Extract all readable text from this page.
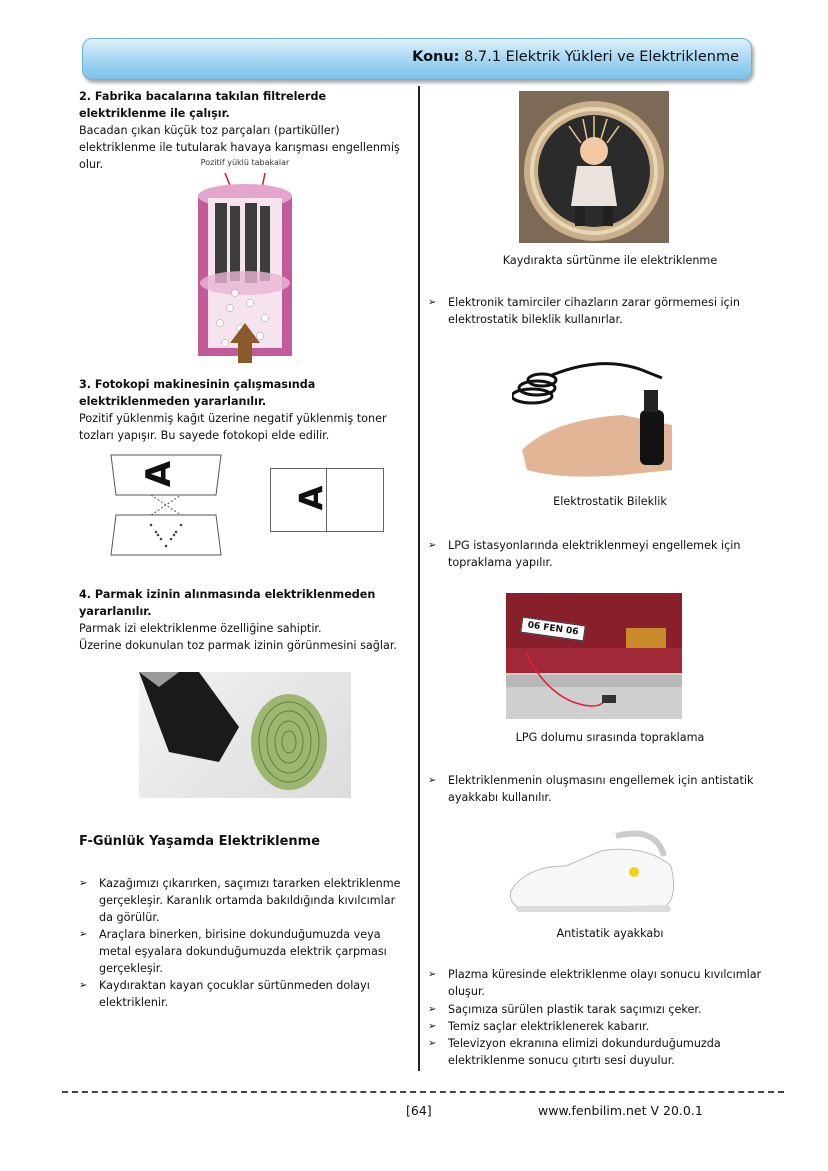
Konu: 8.7.1 Elektrik Yükleri ve Elektriklenme
2. Fabrika bacalarına takılan filtrelerde elektriklenme ile çalışır.
Bacadan çıkan küçük toz parçaları (partiküller) elektriklenme ile tutularak havaya karışması engellenmiş olur.	Pozitif yüklü tabakalar
3. Fotokopi makinesinin çalışmasında elektriklenmeden yararlanılır.
Pozitif yüklenmiş kağıt üzerine negatif yüklenmiş toner tozları yapışır. Bu sayede fotokopi elde edilir.
A
A
4. Parmak izinin alınmasında elektriklenmeden yararlanılır.
Parmak izi elektriklenme özelliğine sahiptir.
Üzerine dokunulan toz parmak izinin görünmesini sağlar.
F-Günlük Yaşamda Elektriklenme
➢	Kazağımızı çıkarırken, saçımızı tararken elektriklenme gerçekleşir. Karanlık ortamda bakıldığında kıvılcımlar da görülür.
➢	Araçlara binerken, birisine dokunduğumuzda veya metal eşyalara dokunduğumuzda elektrik çarpması gerçekleşir.
➢	Kaydıraktan kayan çocuklar sürtünmeden dolayı elektriklenir.
Kaydırakta sürtünme ile elektriklenme
➢	Elektronik tamirciler cihazların zarar görmemesi için elektrostatik bileklik kullanırlar.
Elektrostatik Bileklik
➢	LPG istasyonlarında elektriklenmeyi engellemek için topraklama yapılır.
06 FEN 06
LPG dolumu sırasında topraklama
➢	Elektriklenmenin oluşmasını engellemek için antistatik ayakkabı kullanılır.
Antistatik ayakkabı
➢	Plazma küresinde elektriklenme olayı sonucu kıvılcımlar oluşur.
➢	Saçımıza sürülen plastik tarak saçımızı çeker.
➢	Temiz saçlar elektriklenerek kabarır.
➢	Televizyon ekranına elimizi dokundurduğumuzda elektriklenme sonucu çıtırtı sesi duyulur.
[64]	www.fenbilim.net V 20.0.1
